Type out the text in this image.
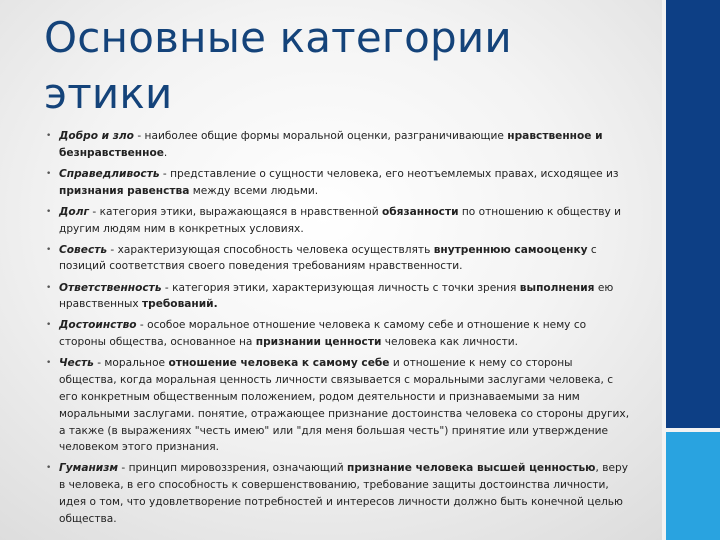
Основные категории этики
• Добро и зло - наиболее общие формы моральной оценки, разграничивающие нравственное и безнравственное.
• Справедливость - представление о сущности человека, его неотъемлемых правах, исходящее из признания равенства между всеми людьми.
• Долг - категория этики, выражающаяся в нравственной обязанности по отношению к обществу и другим людям ним в конкретных условиях.
• Совесть - характеризующая способность человека осуществлять внутреннюю самооценку с позиций соответствия своего поведения требованиям нравственности.
• Ответственность - категория этики, характеризующая личность с точки зрения выполнения ею нравственных требований.
• Достоинство - особое моральное отношение человека к самому себе и отношение к нему со стороны общества, основанное на признании ценности человека как личности.
• Честь - моральное отношение человека к самому себе и отношение к нему со стороны общества, когда моральная ценность личности связывается с моральными заслугами человека, с его конкретным общественным положением, родом деятельности и признаваемыми за ним моральными заслугами. понятие, отражающее признание достоинства человека со стороны других, а также (в выражениях "честь имею" или "для меня большая честь") принятие или утверждение человеком этого признания.
• Гуманизм - принцип мировоззрения, означающий признание человека высшей ценностью, веру в человека, в его способность к совершенствованию, требование защиты достоинства личности, идея о том, что удовлетворение потребностей и интересов личности должно быть конечной целью общества.
